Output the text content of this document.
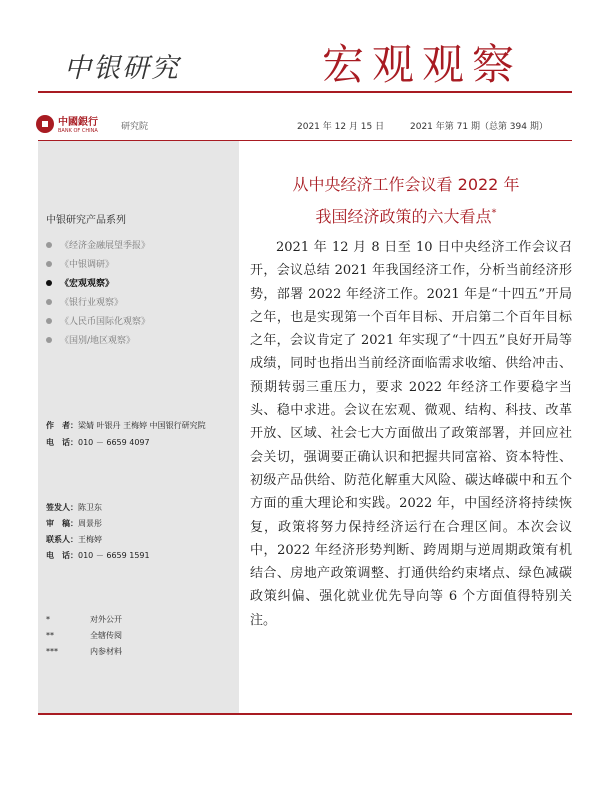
中银研究	宏观观察
中國銀行
BANK OF CHINA	研究院	2021 年 12 月 15 日	2021 年第 71 期（总第 394 期）
中银研究产品系列
《经济金融展望季报》
《中银调研》
《宏观观察》
《银行业观察》
《人民币国际化观察》
《国别/地区观察》
作　者：梁婧 叶银丹 王梅婷 中国银行研究院
电　话：010 － 6659 4097
签发人：陈卫东
审　稿：周景彤
联系人：王梅婷
电　话：010 － 6659 1591
*	对外公开
**	全辖传阅
***	内参材料
从中央经济工作会议看 2022 年
我国经济政策的六大看点*

2021 年 12 月 8 日至 10 日中央经济工作会议召开，会议总结 2021 年我国经济工作，分析当前经济形势，部署 2022 年经济工作。2021 年是“十四五”开局之年，也是实现第一个百年目标、开启第二个百年目标之年，会议肯定了 2021 年实现了“十四五”良好开局等成绩，同时也指出当前经济面临需求收缩、供给冲击、预期转弱三重压力，要求 2022 年经济工作要稳字当头、稳中求进。会议在宏观、微观、结构、科技、改革开放、区域、社会七大方面做出了政策部署，并回应社会关切，强调要正确认识和把握共同富裕、资本特性、初级产品供给、防范化解重大风险、碳达峰碳中和五个方面的重大理论和实践。2022 年，中国经济将持续恢复，政策将努力保持经济运行在合理区间。本次会议中，2022 年经济形势判断、跨周期与逆周期政策有机结合、房地产政策调整、打通供给约束堵点、绿色减碳政策纠偏、强化就业优先导向等 6 个方面值得特别关注。
